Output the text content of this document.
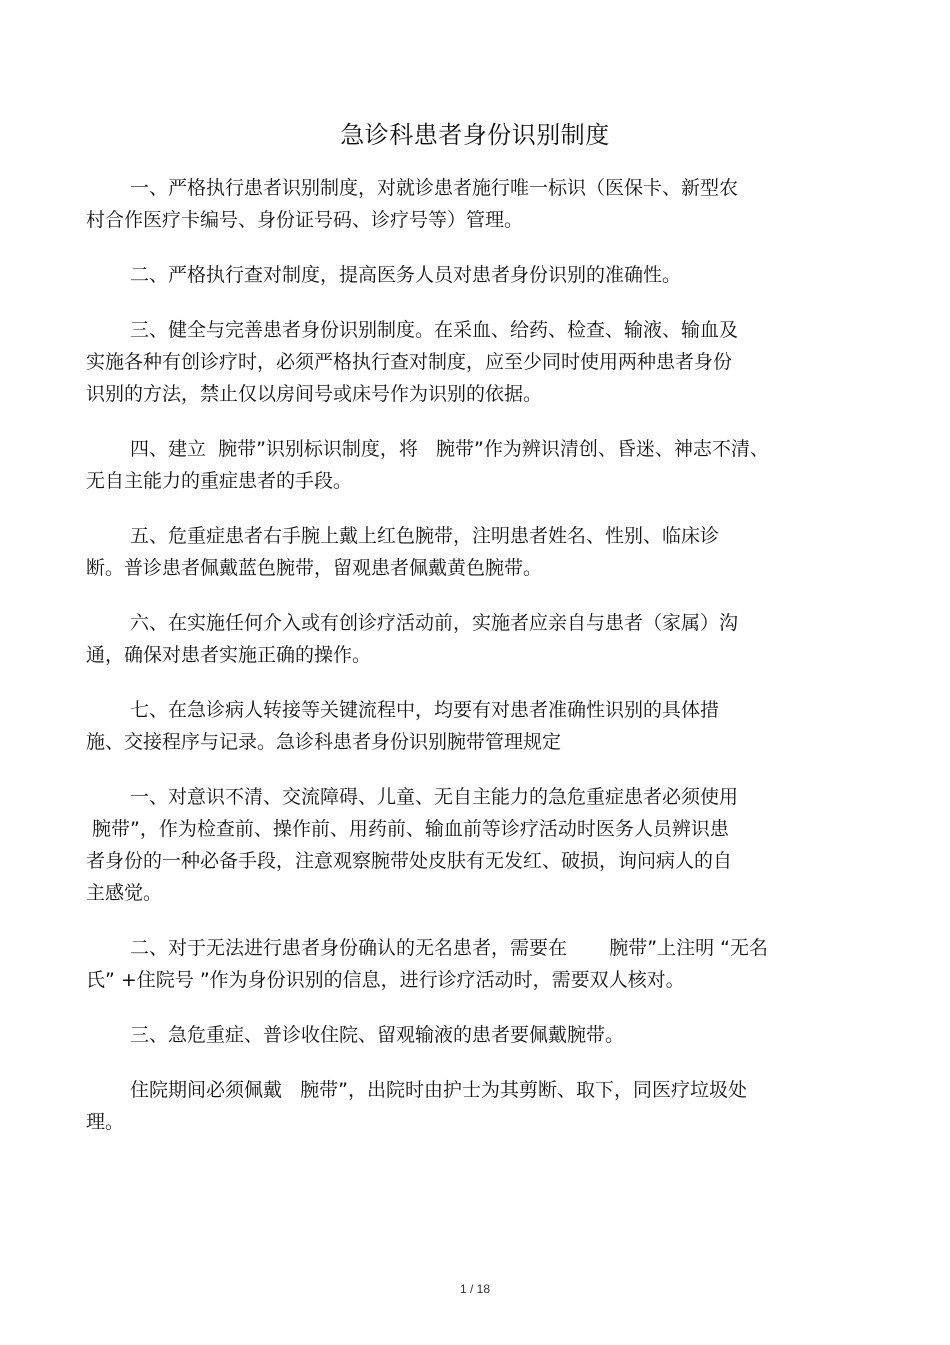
急诊科患者身份识别制度

一、严格执行患者识别制度，对就诊患者施行唯一标识（医保卡、新型农
村合作医疗卡编号、身份证号码、诊疗号等）管理。

二、严格执行查对制度，提高医务人员对患者身份识别的准确性。

三、健全与完善患者身份识别制度。在采血、给药、检查、输液、输血及
实施各种有创诊疗时，必须严格执行查对制度，应至少同时使用两种患者身份
识别的方法，禁止仅以房间号或床号作为识别的依据。

四、建立  腕带”识别标识制度，将   腕带”作为辨识清创、昏迷、神志不清、
无自主能力的重症患者的手段。

五、危重症患者右手腕上戴上红色腕带，注明患者姓名、性别、临床诊
断。普诊患者佩戴蓝色腕带，留观患者佩戴黄色腕带。

六、在实施任何介入或有创诊疗活动前，实施者应亲自与患者（家属）沟
通，确保对患者实施正确的操作。

七、在急诊病人转接等关键流程中，均要有对患者准确性识别的具体措
施、交接程序与记录。急诊科患者身份识别腕带管理规定

一、对意识不清、交流障碍、儿童、无自主能力的急危重症患者必须使用
腕带”，作为检查前、操作前、用药前、输血前等诊疗活动时医务人员辨识患
者身份的一种必备手段，注意观察腕带处皮肤有无发红、破损，询问病人的自
主感觉。

二、对于无法进行患者身份确认的无名患者，需要在       腕带”上注明 “无名
氏” +住院号 ”作为身份识别的信息，进行诊疗活动时，需要双人核对。

三、急危重症、普诊收住院、留观输液的患者要佩戴腕带。

住院期间必须佩戴   腕带”，出院时由护士为其剪断、取下，同医疗垃圾处
理。

1 / 18
